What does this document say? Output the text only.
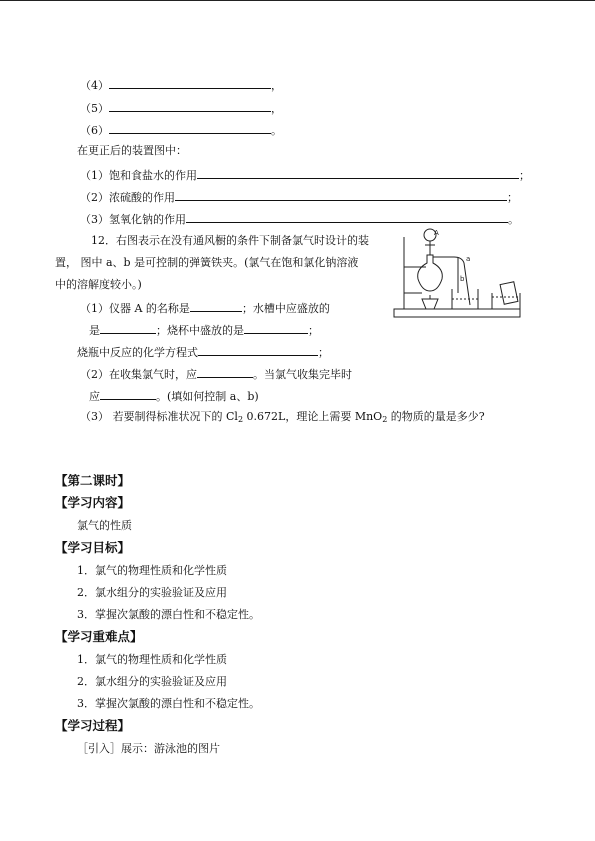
（4）	，
（5）	，
（6）	。
在更正后的装置图中：
（1）饱和食盐水的作用	；
（2）浓硫酸的作用	；
（3）氢氧化钠的作用	。
12．右图表示在没有通风橱的条件下制备氯气时设计的装
置， 图中 a、b 是可控制的弹簧铁夹。(氯气在饱和氯化钠溶液
中的溶解度较小。)
（1）仪器 A 的名称是	；水槽中应盛放的
是	；烧杯中盛放的是	；
烧瓶中反应的化学方程式	；
（2）在收集氯气时，应	。当氯气收集完毕时
应	。(填如何控制 a、b)
（3） 若要制得标准状况下的 Cl2 0.672L，理论上需要 MnO2 的物质的量是多少?
A
a
b
【第二课时】
【学习内容】
氯气的性质
【学习目标】
1．氯气的物理性质和化学性质
2．氯水组分的实验验证及应用
3．掌握次氯酸的漂白性和不稳定性。
【学习重难点】
1．氯气的物理性质和化学性质
2．氯水组分的实验验证及应用
3．掌握次氯酸的漂白性和不稳定性。
【学习过程】
［引入］展示：游泳池的图片
